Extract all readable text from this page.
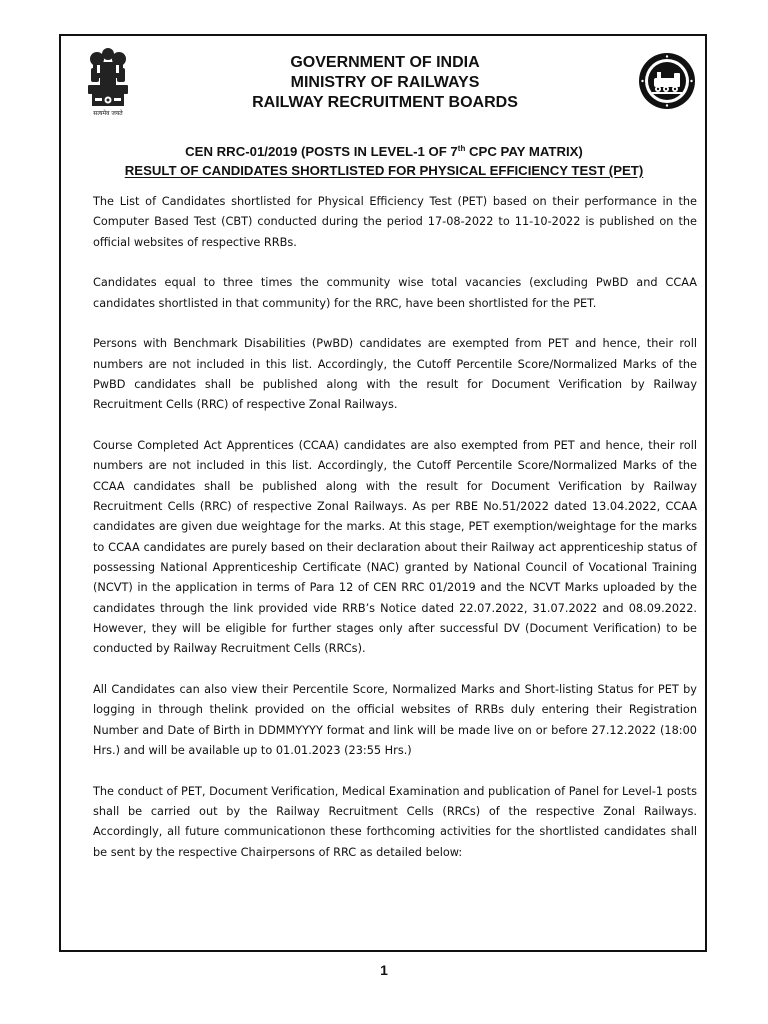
सत्यमेव जयते
GOVERNMENT OF INDIA
MINISTRY OF RAILWAYS
RAILWAY RECRUITMENT BOARDS
CEN RRC-01/2019 (POSTS IN LEVEL-1 OF 7th CPC PAY MATRIX)
RESULT OF CANDIDATES SHORTLISTED FOR PHYSICAL EFFICIENCY TEST (PET)

The List of Candidates shortlisted for Physical Efficiency Test (PET) based on their performance in the Computer Based Test (CBT) conducted during the period 17-08-2022 to 11-10-2022 is published on the official websites of respective RRBs.

Candidates equal to three times the community wise total vacancies (excluding PwBD and CCAA candidates shortlisted in that community) for the RRC, have been shortlisted for the PET.

Persons with Benchmark Disabilities (PwBD) candidates are exempted from PET and hence, their roll numbers are not included in this list. Accordingly, the Cutoff Percentile Score/Normalized Marks of the PwBD candidates shall be published along with the result for Document Verification by Railway Recruitment Cells (RRC) of respective Zonal Railways.

Course Completed Act Apprentices (CCAA) candidates are also exempted from PET and hence, their roll numbers are not included in this list. Accordingly, the Cutoff Percentile Score/Normalized Marks of the CCAA candidates shall be published along with the result for Document Verification by Railway Recruitment Cells (RRC) of respective Zonal Railways. As per RBE No.51/2022 dated 13.04.2022, CCAA candidates are given due weightage for the marks. At this stage, PET exemption/weightage for the marks to CCAA candidates are purely based on their declaration about their Railway act apprenticeship status of possessing National Apprenticeship Certificate (NAC) granted by National Council of Vocational Training (NCVT) in the application in terms of Para 12 of CEN RRC 01/2019 and the NCVT Marks uploaded by the candidates through the link provided vide RRB’s Notice dated 22.07.2022, 31.07.2022 and 08.09.2022. However, they will be eligible for further stages only after successful DV (Document Verification) to be conducted by Railway Recruitment Cells (RRCs).

All Candidates can also view their Percentile Score, Normalized Marks and Short-listing Status for PET by logging in through thelink provided on the official websites of RRBs duly entering their Registration Number and Date of Birth in DDMMYYYY format and link will be made live on or before 27.12.2022 (18:00 Hrs.) and will be available up to 01.01.2023 (23:55 Hrs.)

The conduct of PET, Document Verification, Medical Examination and publication of Panel for Level-1 posts shall be carried out by the Railway Recruitment Cells (RRCs) of the respective Zonal Railways. Accordingly, all future communicationon these forthcoming activities for the shortlisted candidates shall be sent by the respective Chairpersons of RRC as detailed below:

1
